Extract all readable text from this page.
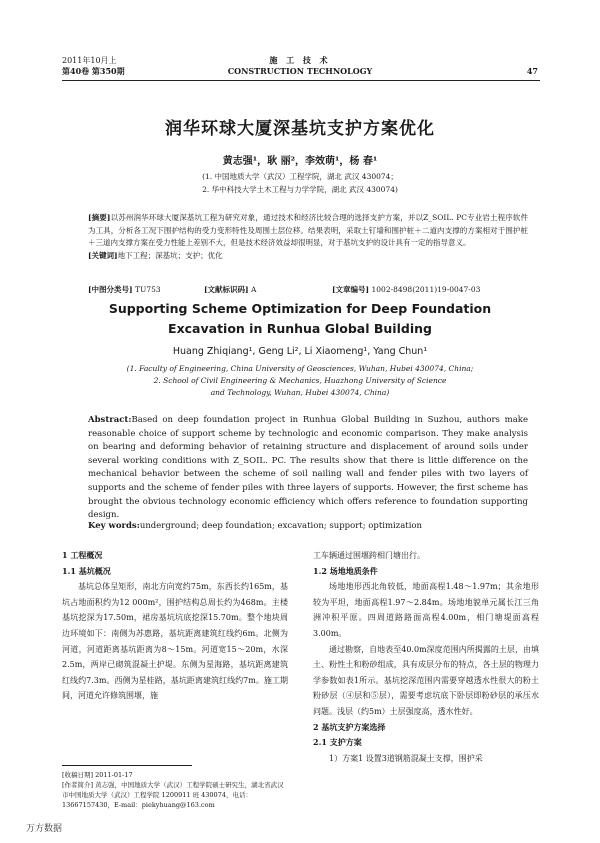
2011年10月上
第40卷 第350期
施 工 技 术
CONSTRUCTION TECHNOLOGY	47
润华环球大厦深基坑支护方案优化
黄志强¹，耿 丽²，李效萌¹，杨 春¹
(1. 中国地质大学（武汉）工程学院，湖北 武汉 430074；
2. 华中科技大学土木工程与力学学院，湖北 武汉 430074)
[摘要]以苏州润华环球大厦深基坑工程为研究对象，通过技术和经济比较合理的选择支护方案，并以Z_SOIL. PC专业岩土程序软件为工具，分析各工况下围护结构的受力变形特性及周围土层位移。结果表明，采取土钉墙和围护桩＋二道内支撑的方案相对于围护桩＋三道内支撑方案在受力性能上差别不大，但是技术经济效益却很明显，对于基坑支护的设计具有一定的指导意义。
[关键词]地下工程；深基坑；支护；优化
[中图分类号] TU753	[文献标识码] A	[文章编号] 1002-8498(2011)19-0047-03
Supporting Scheme Optimization for Deep Foundation
Excavation in Runhua Global Building
Huang Zhiqiang¹, Geng Li², Li Xiaomeng¹, Yang Chun¹
(1. Faculty of Engineering, China University of Geosciences, Wuhan, Hubei 430074, China;
2. School of Civil Engineering & Mechanics, Huazhong University of Science
and Technology, Wuhan, Hubei 430074, China)
Abstract:Based on deep foundation project in Runhua Global Building in Suzhou, authors make reasonable choice of support scheme by technologic and economic comparison. They make analysis on bearing and deforming behavior of retaining structure and displacement of around soils under several working conditions with Z_SOIL. PC. The results show that there is little difference on the mechanical behavior between the scheme of soil nailing wall and fender piles with two layers of supports and the scheme of fender piles with three layers of supports. However, the first scheme has brought the obvious technology economic efficiency which offers reference to foundation supporting design.
Key words:underground; deep foundation; excavation; support; optimization
1 工程概况
1.1 基坑概况

基坑总体呈矩形，南北方向宽约75m，东西长约165m，基坑占地面积约为12 000m²，围护结构总周长约为468m。主楼基坑挖深为17.50m，裙房基坑坑底挖深15.70m。整个地块周边环境如下：南侧为苏惠路，基坑距离建筑红线约6m。北侧为河道，河道距离基坑距离为8～15m。河道宽15～20m，水深2.5m，两岸已砌筑混凝土护堤。东侧为星海路，基坑距离建筑红线约7.3m。西侧为星桂路，基坑距离建筑红线约7m。施工期间，河道允许修筑围堰，施

工车辆通过围堰跨相门塘出行。
1.2 场地地质条件

场地地形西北角较低，地面高程1.48～1.97m；其余地形较为平坦，地面高程1.97～2.84m。场地地貌单元属长江三角洲冲积平原。四周道路路面高程4.00m，相门塘堤面高程3.00m。

通过勘察，自地表至40.0m深度范围内所揭露的土层，由填土、粉性土和粉砂组成，具有成层分布的特点，各土层的物理力学参数如表1所示。基坑挖深范围内需要穿越透水性很大的粉土粉砂层（④层和⑤层），需要考虑坑底下卧层即粉砂层的承压水问题。浅层（约5m）土层强度高，透水性好。

2 基坑支护方案选择
2.1 支护方案

1）方案1 设置3道钢筋混凝土支撑，围护采

[收稿日期] 2011-01-17
[作者简介] 黄志强，中国地质大学（武汉）工程学院硕士研究生，湖北省武汉市中国地质大学（武汉）工程学院 1200911 班 430074，电话：13667157430，E-mail：piekyhuang@163.com
万方数据
